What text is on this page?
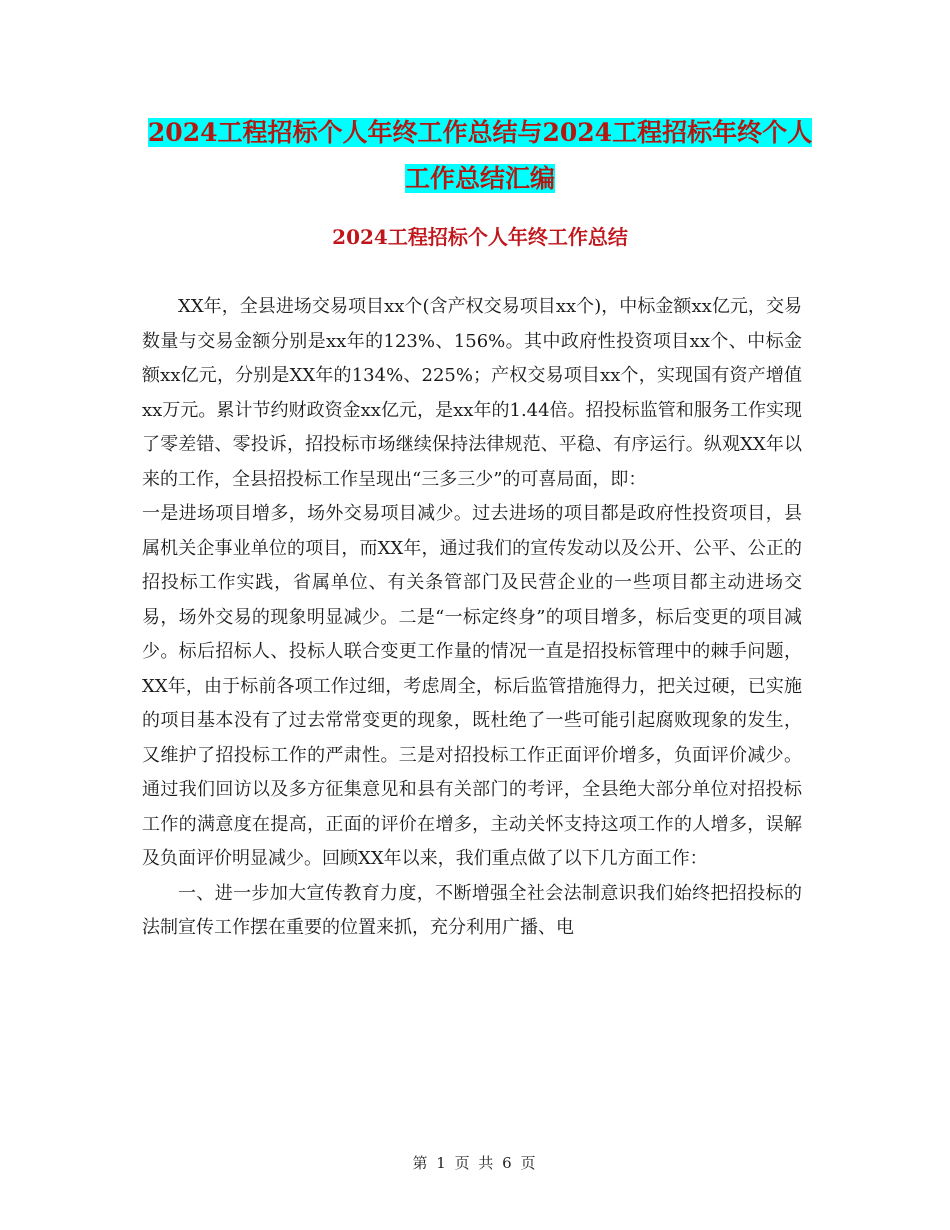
2024工程招标个人年终工作总结与2024工程招标年终个人工作总结汇编
2024工程招标个人年终工作总结

XX年，全县进场交易项目xx个(含产权交易项目xx个)，中标金额xx亿元，交易数量与交易金额分别是xx年的123%、156%。其中政府性投资项目xx个、中标金额xx亿元，分别是XX年的134%、225%；产权交易项目xx个，实现国有资产增值xx万元。累计节约财政资金xx亿元，是xx年的1.44倍。招投标监管和服务工作实现了零差错、零投诉，招投标市场继续保持法律规范、平稳、有序运行。纵观XX年以来的工作，全县招投标工作呈现出“三多三少”的可喜局面，即：

一是进场项目增多，场外交易项目减少。过去进场的项目都是政府性投资项目，县属机关企事业单位的项目，而XX年，通过我们的宣传发动以及公开、公平、公正的招投标工作实践，省属单位、有关条管部门及民营企业的一些项目都主动进场交易，场外交易的现象明显减少。二是“一标定终身”的项目增多，标后变更的项目减少。标后招标人、投标人联合变更工作量的情况一直是招投标管理中的棘手问题，XX年，由于标前各项工作过细，考虑周全，标后监管措施得力，把关过硬，已实施的项目基本没有了过去常常变更的现象，既杜绝了一些可能引起腐败现象的发生，又维护了招投标工作的严肃性。三是对招投标工作正面评价增多，负面评价减少。通过我们回访以及多方征集意见和县有关部门的考评，全县绝大部分单位对招投标工作的满意度在提高，正面的评价在增多，主动关怀支持这项工作的人增多，误解及负面评价明显减少。回顾XX年以来，我们重点做了以下几方面工作：

一、进一步加大宣传教育力度，不断增强全社会法制意识我们始终把招投标的法制宣传工作摆在重要的位置来抓，充分利用广播、电

第 1 页 共 6 页
